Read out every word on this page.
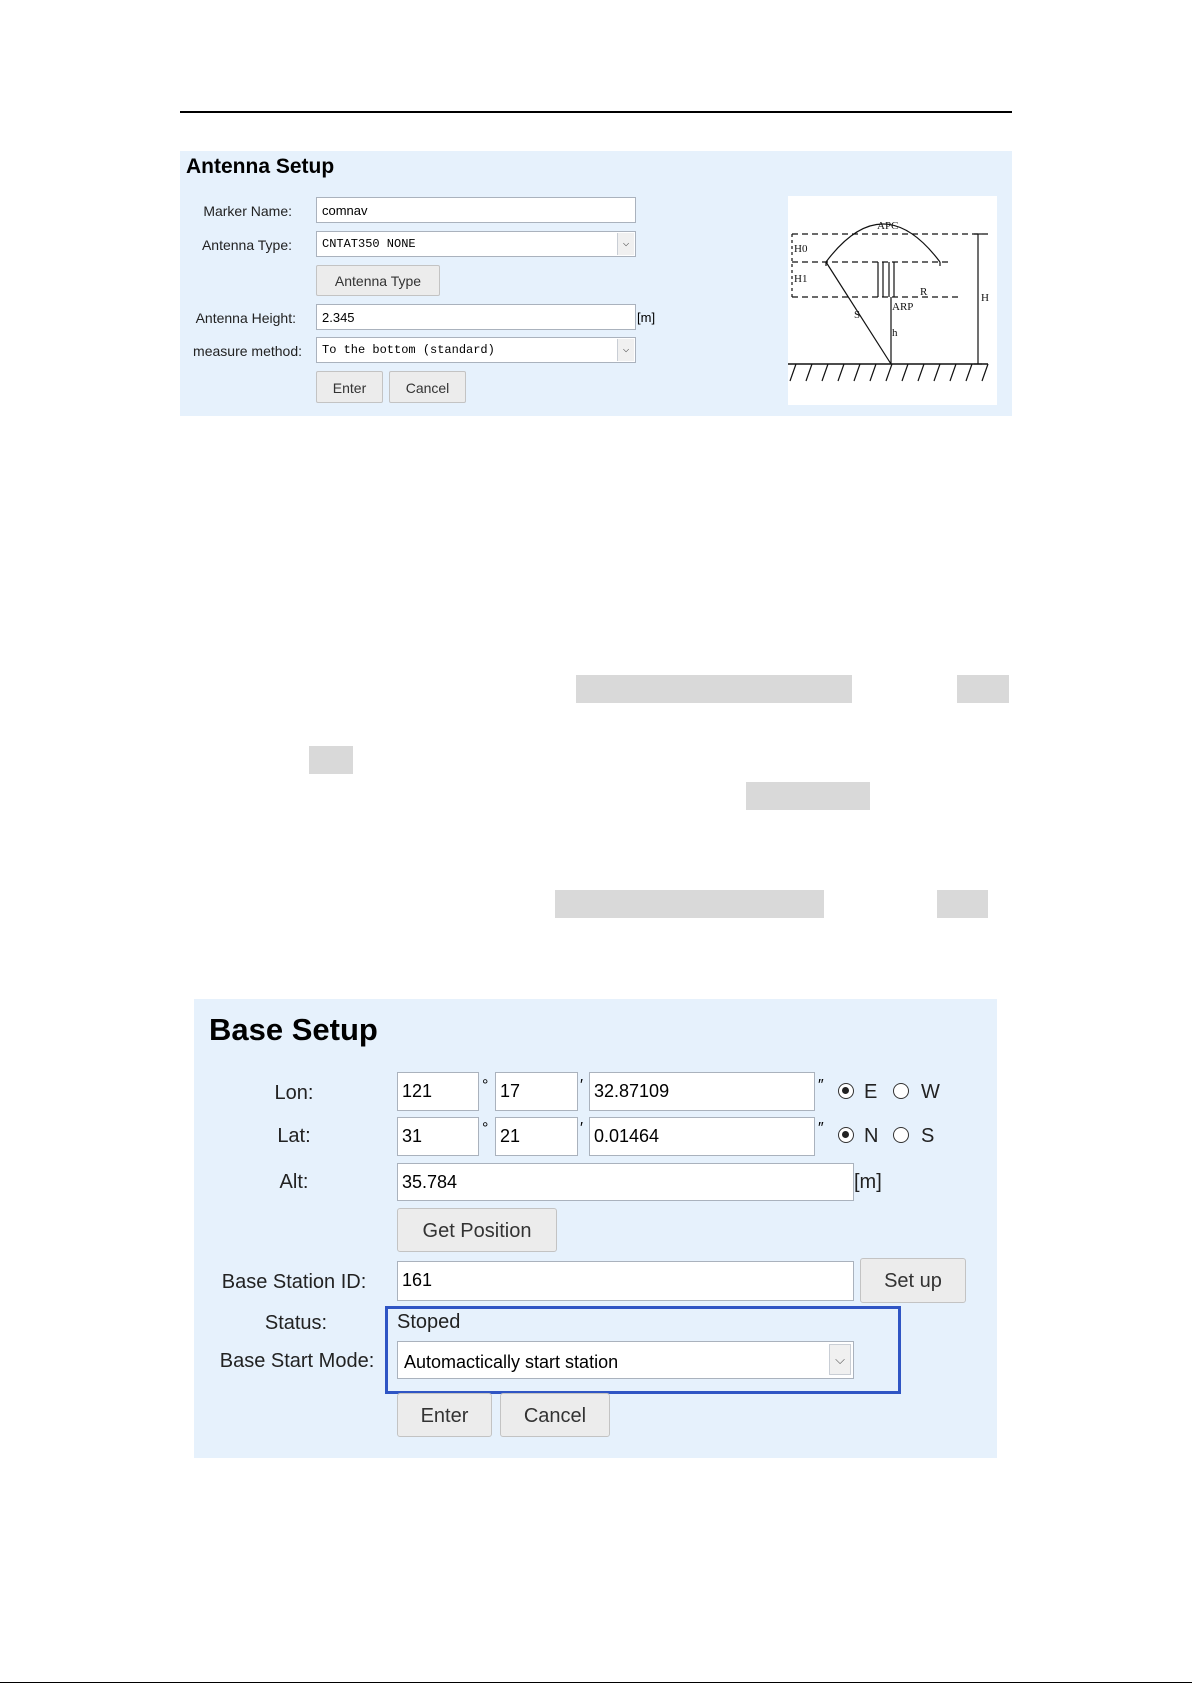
Antenna Setup
Marker Name:	comnav
Antenna Type:	CNTAT350 NONE	⌵
Antenna Type
Antenna Height:	2.345	[m]
measure method:	To the bottom (standard)	⌵
Enter	Cancel
APC
H0
H1
R
ARP
S
h
H
Base Setup
Lon:	121	° 17	′ 32.87109	″ E W
Lat:	31	° 21	′ 0.01464	″ N S
Alt:	35.784	[m]
Get Position
Base Station ID:	161	Set up
Status:	Stoped
Base Start Mode:	Automactically start station	⌵
Enter	Cancel
